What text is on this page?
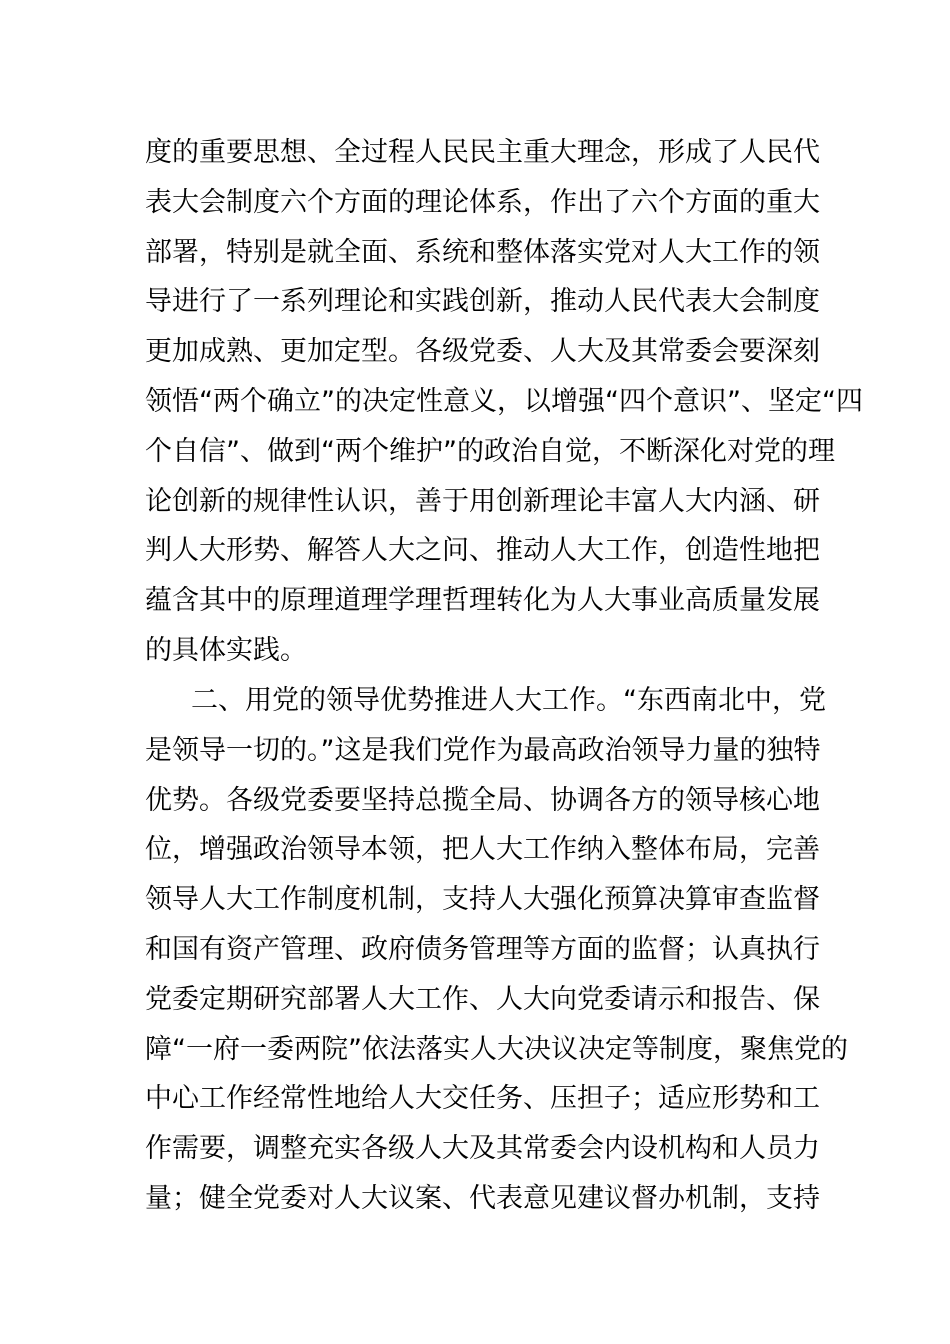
度的重要思想、全过程人民民主重大理念，形成了人民代
表大会制度六个方面的理论体系，作出了六个方面的重大
部署，特别是就全面、系统和整体落实党对人大工作的领
导进行了一系列理论和实践创新，推动人民代表大会制度
更加成熟、更加定型。各级党委、人大及其常委会要深刻
领悟“两个确立”的决定性意义，以增强“四个意识”、坚定“四
个自信”、做到“两个维护”的政治自觉，不断深化对党的理
论创新的规律性认识，善于用创新理论丰富人大内涵、研
判人大形势、解答人大之问、推动人大工作，创造性地把
蕴含其中的原理道理学理哲理转化为人大事业高质量发展
的具体实践。
二、用党的领导优势推进人大工作。“东西南北中，党
是领导一切的。”这是我们党作为最高政治领导力量的独特
优势。各级党委要坚持总揽全局、协调各方的领导核心地
位，增强政治领导本领，把人大工作纳入整体布局，完善
领导人大工作制度机制，支持人大强化预算决算审查监督
和国有资产管理、政府债务管理等方面的监督；认真执行
党委定期研究部署人大工作、人大向党委请示和报告、保
障“一府一委两院”依法落实人大决议决定等制度，聚焦党的
中心工作经常性地给人大交任务、压担子；适应形势和工
作需要，调整充实各级人大及其常委会内设机构和人员力
量；健全党委对人大议案、代表意见建议督办机制，支持
